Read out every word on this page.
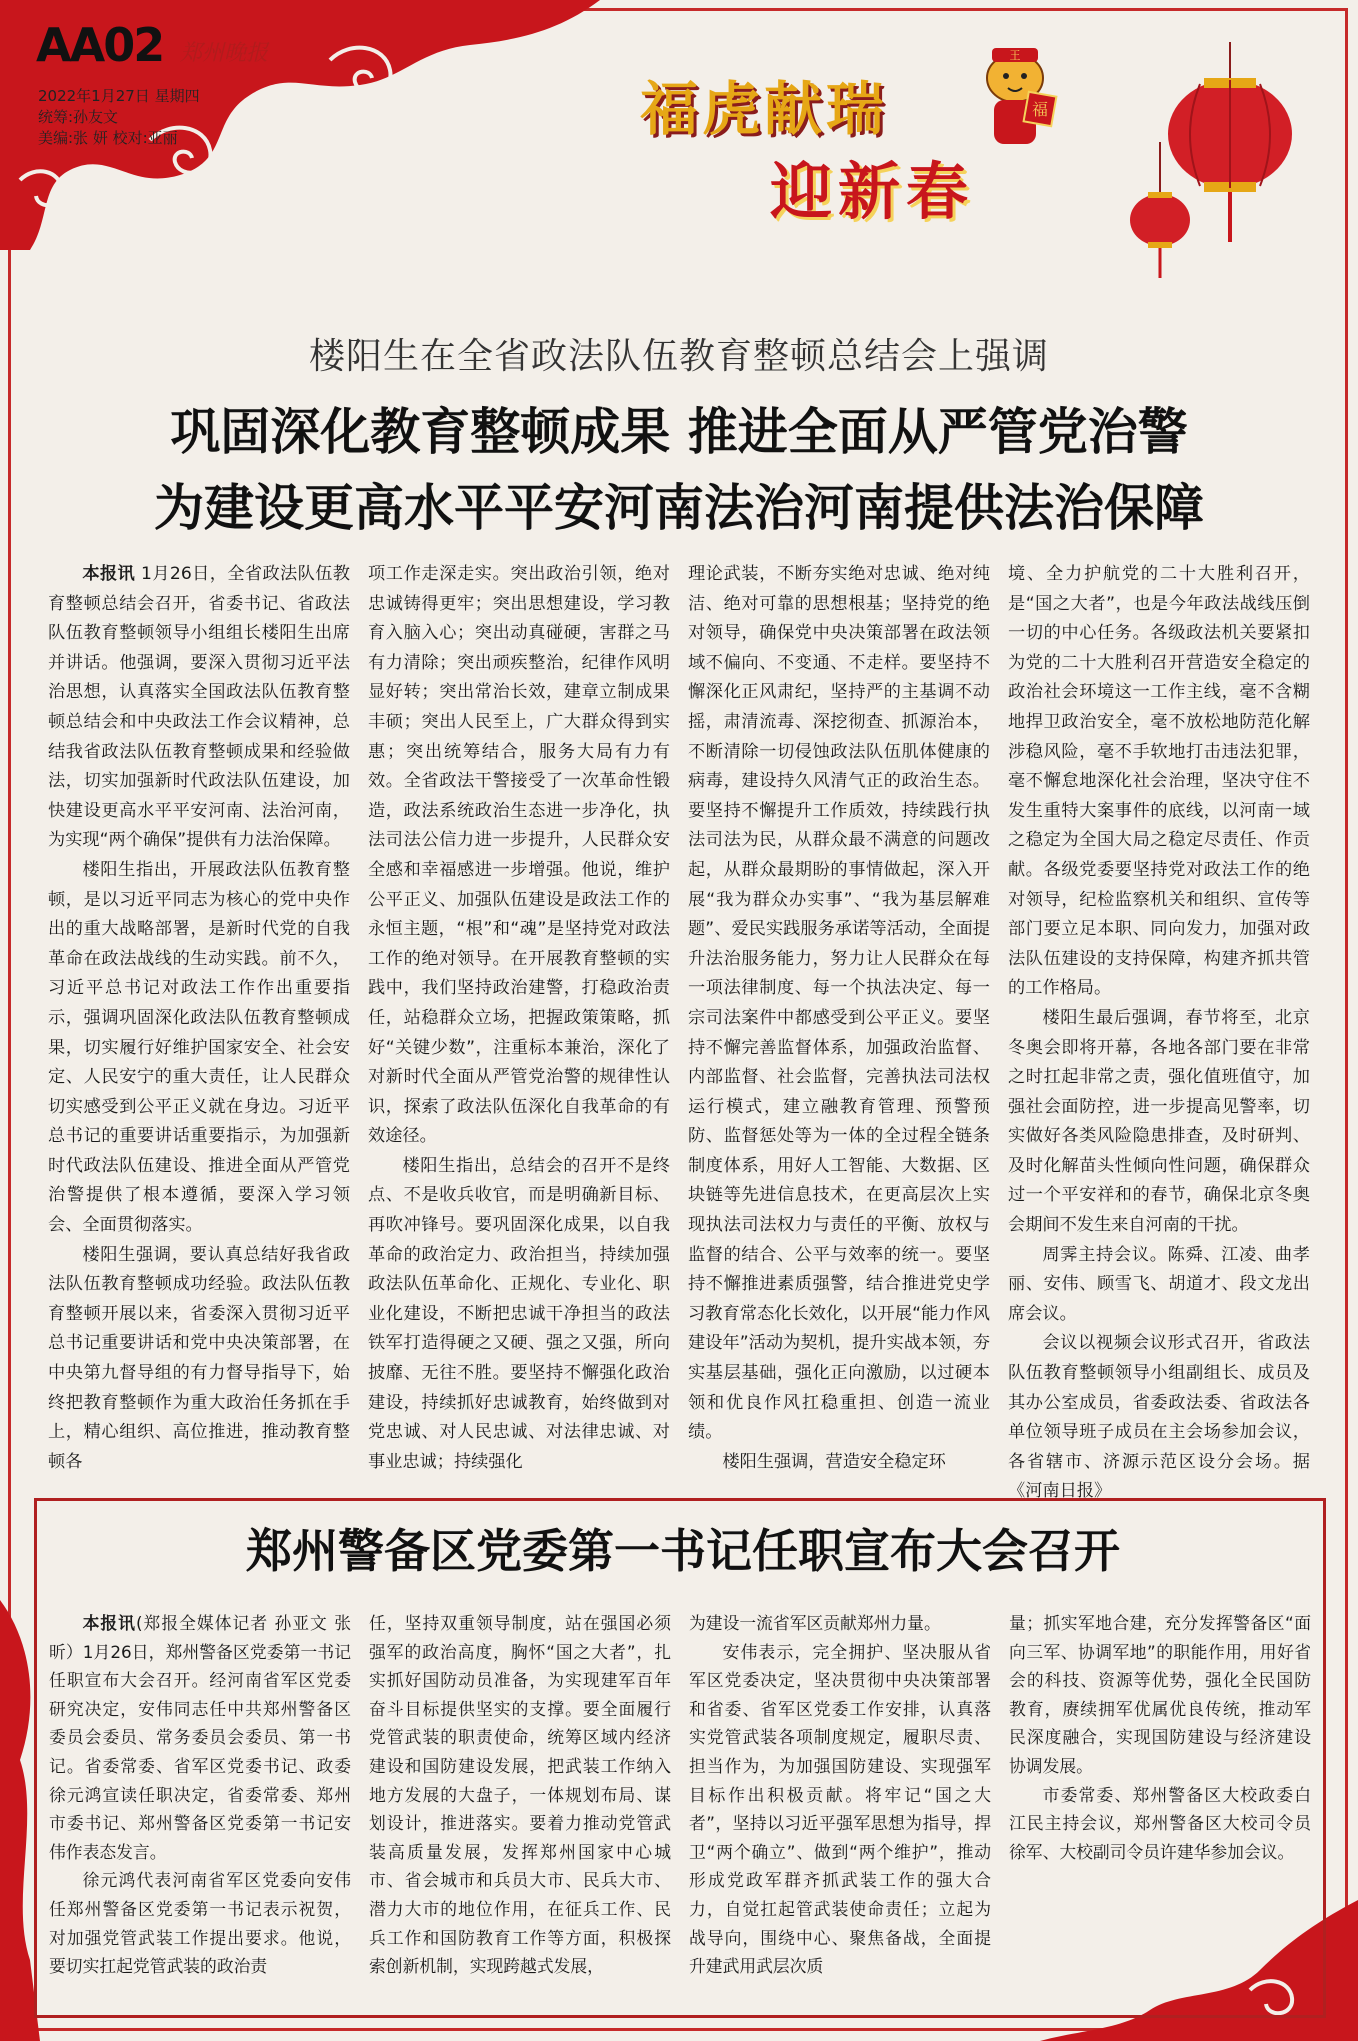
AA02 郑州晚报
2022年1月27日 星期四
统筹:孙友文
美编:张 妍 校对:亚丽	福虎献瑞
迎新春
王
福
楼阳生在全省政法队伍教育整顿总结会上强调
巩固深化教育整顿成果 推进全面从严管党治警
为建设更高水平平安河南法治河南提供法治保障

本报讯 1月26日，全省政法队伍教育整顿总结会召开，省委书记、省政法队伍教育整顿领导小组组长楼阳生出席并讲话。他强调，要深入贯彻习近平法治思想，认真落实全国政法队伍教育整顿总结会和中央政法工作会议精神，总结我省政法队伍教育整顿成果和经验做法，切实加强新时代政法队伍建设，加快建设更高水平平安河南、法治河南，为实现“两个确保”提供有力法治保障。

楼阳生指出，开展政法队伍教育整顿，是以习近平同志为核心的党中央作出的重大战略部署，是新时代党的自我革命在政法战线的生动实践。前不久，习近平总书记对政法工作作出重要指示，强调巩固深化政法队伍教育整顿成果，切实履行好维护国家安全、社会安定、人民安宁的重大责任，让人民群众切实感受到公平正义就在身边。习近平总书记的重要讲话重要指示，为加强新时代政法队伍建设、推进全面从严管党治警提供了根本遵循，要深入学习领会、全面贯彻落实。

楼阳生强调，要认真总结好我省政法队伍教育整顿成功经验。政法队伍教育整顿开展以来，省委深入贯彻习近平总书记重要讲话和党中央决策部署，在中央第九督导组的有力督导指导下，始终把教育整顿作为重大政治任务抓在手上，精心组织、高位推进，推动教育整顿各

项工作走深走实。突出政治引领，绝对忠诚铸得更牢；突出思想建设，学习教育入脑入心；突出动真碰硬，害群之马有力清除；突出顽疾整治，纪律作风明显好转；突出常治长效，建章立制成果丰硕；突出人民至上，广大群众得到实惠；突出统筹结合，服务大局有力有效。全省政法干警接受了一次革命性锻造，政法系统政治生态进一步净化，执法司法公信力进一步提升，人民群众安全感和幸福感进一步增强。他说，维护公平正义、加强队伍建设是政法工作的永恒主题，“根”和“魂”是坚持党对政法工作的绝对领导。在开展教育整顿的实践中，我们坚持政治建警，打稳政治责任，站稳群众立场，把握政策策略，抓好“关键少数”，注重标本兼治，深化了对新时代全面从严管党治警的规律性认识，探索了政法队伍深化自我革命的有效途径。

楼阳生指出，总结会的召开不是终点、不是收兵收官，而是明确新目标、再吹冲锋号。要巩固深化成果，以自我革命的政治定力、政治担当，持续加强政法队伍革命化、正规化、专业化、职业化建设，不断把忠诚干净担当的政法铁军打造得硬之又硬、强之又强，所向披靡、无往不胜。要坚持不懈强化政治建设，持续抓好忠诚教育，始终做到对党忠诚、对人民忠诚、对法律忠诚、对事业忠诚；持续强化

理论武装，不断夯实绝对忠诚、绝对纯洁、绝对可靠的思想根基；坚持党的绝对领导，确保党中央决策部署在政法领域不偏向、不变通、不走样。要坚持不懈深化正风肃纪，坚持严的主基调不动摇，肃清流毒、深挖彻查、抓源治本，不断清除一切侵蚀政法队伍肌体健康的病毒，建设持久风清气正的政治生态。要坚持不懈提升工作质效，持续践行执法司法为民，从群众最不满意的问题改起，从群众最期盼的事情做起，深入开展“我为群众办实事”、“我为基层解难题”、爱民实践服务承诺等活动，全面提升法治服务能力，努力让人民群众在每一项法律制度、每一个执法决定、每一宗司法案件中都感受到公平正义。要坚持不懈完善监督体系，加强政治监督、内部监督、社会监督，完善执法司法权运行模式，建立融教育管理、预警预防、监督惩处等为一体的全过程全链条制度体系，用好人工智能、大数据、区块链等先进信息技术，在更高层次上实现执法司法权力与责任的平衡、放权与监督的结合、公平与效率的统一。要坚持不懈推进素质强警，结合推进党史学习教育常态化长效化，以开展“能力作风建设年”活动为契机，提升实战本领，夯实基层基础，强化正向激励，以过硬本领和优良作风扛稳重担、创造一流业绩。

楼阳生强调，营造安全稳定环

境、全力护航党的二十大胜利召开，是“国之大者”，也是今年政法战线压倒一切的中心任务。各级政法机关要紧扣为党的二十大胜利召开营造安全稳定的政治社会环境这一工作主线，毫不含糊地捍卫政治安全，毫不放松地防范化解涉稳风险，毫不手软地打击违法犯罪，毫不懈怠地深化社会治理，坚决守住不发生重特大案事件的底线，以河南一域之稳定为全国大局之稳定尽责任、作贡献。各级党委要坚持党对政法工作的绝对领导，纪检监察机关和组织、宣传等部门要立足本职、同向发力，加强对政法队伍建设的支持保障，构建齐抓共管的工作格局。

楼阳生最后强调，春节将至，北京冬奥会即将开幕，各地各部门要在非常之时扛起非常之责，强化值班值守，加强社会面防控，进一步提高见警率，切实做好各类风险隐患排查，及时研判、及时化解苗头性倾向性问题，确保群众过一个平安祥和的春节，确保北京冬奥会期间不发生来自河南的干扰。

周霁主持会议。陈舜、江凌、曲孝丽、安伟、顾雪飞、胡道才、段文龙出席会议。

会议以视频会议形式召开，省政法队伍教育整顿领导小组副组长、成员及其办公室成员，省委政法委、省政法各单位领导班子成员在主会场参加会议，各省辖市、济源示范区设分会场。据《河南日报》

郑州警备区党委第一书记任职宣布大会召开

本报讯(郑报全媒体记者 孙亚文 张昕）1月26日，郑州警备区党委第一书记任职宣布大会召开。经河南省军区党委研究决定，安伟同志任中共郑州警备区委员会委员、常务委员会委员、第一书记。省委常委、省军区党委书记、政委徐元鸿宣读任职决定，省委常委、郑州市委书记、郑州警备区党委第一书记安伟作表态发言。

徐元鸿代表河南省军区党委向安伟任郑州警备区党委第一书记表示祝贺，对加强党管武装工作提出要求。他说，要切实扛起党管武装的政治责

任，坚持双重领导制度，站在强国必须强军的政治高度，胸怀“国之大者”，扎实抓好国防动员准备，为实现建军百年奋斗目标提供坚实的支撑。要全面履行党管武装的职责使命，统筹区域内经济建设和国防建设发展，把武装工作纳入地方发展的大盘子，一体规划布局、谋划设计，推进落实。要着力推动党管武装高质量发展，发挥郑州国家中心城市、省会城市和兵员大市、民兵大市、潜力大市的地位作用，在征兵工作、民兵工作和国防教育工作等方面，积极探索创新机制，实现跨越式发展，

为建设一流省军区贡献郑州力量。

安伟表示，完全拥护、坚决服从省军区党委决定，坚决贯彻中央决策部署和省委、省军区党委工作安排，认真落实党管武装各项制度规定，履职尽责、担当作为，为加强国防建设、实现强军目标作出积极贡献。将牢记“国之大者”，坚持以习近平强军思想为指导，捍卫“两个确立”、做到“两个维护”，推动形成党政军群齐抓武装工作的强大合力，自觉扛起管武装使命责任；立起为战导向，围绕中心、聚焦备战，全面提升建武用武层次质

量；抓实军地合建，充分发挥警备区“面向三军、协调军地”的职能作用，用好省会的科技、资源等优势，强化全民国防教育，赓续拥军优属优良传统，推动军民深度融合，实现国防建设与经济建设协调发展。

市委常委、郑州警备区大校政委白江民主持会议，郑州警备区大校司令员徐军、大校副司令员许建华参加会议。
